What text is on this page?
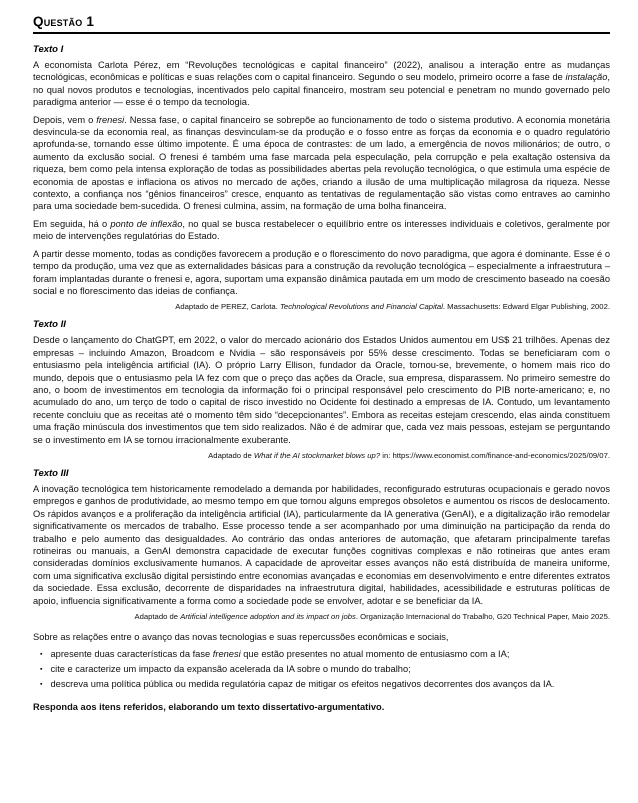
Questão 1
Texto I

A economista Carlota Pérez, em “Revoluções tecnológicas e capital financeiro” (2022), analisou a interação entre as mudanças tecnológicas, econômicas e políticas e suas relações com o capital financeiro. Segundo o seu modelo, primeiro ocorre a fase de instalação, no qual novos produtos e tecnologias, incentivados pelo capital financeiro, mostram seu potencial e penetram no mundo governado pelo paradigma anterior — esse é o tempo da tecnologia.

Depois, vem o frenesi. Nessa fase, o capital financeiro se sobrepõe ao funcionamento de todo o sistema produtivo. A economia monetária desvincula-se da economia real, as finanças desvinculam-se da produção e o fosso entre as forças da economia e o quadro regulatório aprofunda-se, tornando esse último impotente. É uma época de contrastes: de um lado, a emergência de novos milionários; de outro, o aumento da exclusão social. O frenesi é também uma fase marcada pela especulação, pela corrupção e pela exaltação ostensiva da riqueza, bem como pela intensa exploração de todas as possibilidades abertas pela revolução tecnológica, o que estimula uma espécie de economia de apostas e inflaciona os ativos no mercado de ações, criando a ilusão de uma multiplicação milagrosa da riqueza. Nesse contexto, a confiança nos “gênios financeiros” cresce, enquanto as tentativas de regulamentação são vistas como entraves ao caminho para uma sociedade bem-sucedida. O frenesi culmina, assim, na formação de uma bolha financeira.

Em seguida, há o ponto de inflexão, no qual se busca restabelecer o equilíbrio entre os interesses individuais e coletivos, geralmente por meio de intervenções regulatórias do Estado.

A partir desse momento, todas as condições favorecem a produção e o florescimento do novo paradigma, que agora é dominante. Esse é o tempo da produção, uma vez que as externalidades básicas para a construção da revolução tecnológica – especialmente a infraestrutura – foram implantadas durante o frenesi e, agora, suportam uma expansão dinâmica pautada em um modo de crescimento baseado na coesão social e no florescimento das ideias de confiança.

Adaptado de PEREZ, Carlota. Technological Revolutions and Financial Capital. Massachusetts: Edward Elgar Publishing, 2002.

Texto II

Desde o lançamento do ChatGPT, em 2022, o valor do mercado acionário dos Estados Unidos aumentou em US$ 21 trilhões. Apenas dez empresas – incluindo Amazon, Broadcom e Nvidia – são responsáveis por 55% desse crescimento. Todas se beneficiaram com o entusiasmo pela inteligência artificial (IA). O próprio Larry Ellison, fundador da Oracle, tornou-se, brevemente, o homem mais rico do mundo, depois que o entusiasmo pela IA fez com que o preço das ações da Oracle, sua empresa, disparassem. No primeiro semestre do ano, o boom de investimentos em tecnologia da informação foi o principal responsável pelo crescimento do PIB norte-americano; e, no acumulado do ano, um terço de todo o capital de risco investido no Ocidente foi destinado a empresas de IA. Contudo, um levantamento recente concluiu que as receitas até o momento têm sido “decepcionantes”. Embora as receitas estejam crescendo, elas ainda constituem uma fração minúscula dos investimentos que tem sido realizados. Não é de admirar que, cada vez mais pessoas, estejam se perguntando se o investimento em IA se tornou irracionalmente exuberante.

Adaptado de What if the AI stockmarket blows up? in: https://www.economist.com/finance-and-economics/2025/09/07.

Texto III

A inovação tecnológica tem historicamente remodelado a demanda por habilidades, reconfigurado estruturas ocupacionais e gerado novos empregos e ganhos de produtividade, ao mesmo tempo em que tornou alguns empregos obsoletos e aumentou os riscos de deslocamento. Os rápidos avanços e a proliferação da inteligência artificial (IA), particularmente da IA generativa (GenAI), e a digitalização irão remodelar significativamente os mercados de trabalho. Esse processo tende a ser acompanhado por uma diminuição na participação da renda do trabalho e pelo aumento das desigualdades. Ao contrário das ondas anteriores de automação, que afetaram principalmente tarefas rotineiras ou manuais, a GenAI demonstra capacidade de executar funções cognitivas complexas e não rotineiras que antes eram consideradas domínios exclusivamente humanos. A capacidade de aproveitar esses avanços não está distribuída de maneira uniforme, com uma significativa exclusão digital persistindo entre economias avançadas e economias em desenvolvimento e entre diferentes extratos da sociedade. Essa exclusão, decorrente de disparidades na infraestrutura digital, habilidades, acessibilidade e estruturas políticas de apoio, influencia significativamente a forma como a sociedade pode se envolver, adotar e se beneficiar da IA.

Adaptado de Artificial intelligence adoption and its impact on jobs. Organização Internacional do Trabalho, G20 Technical Paper, Maio 2025.

Sobre as relações entre o avanço das novas tecnologias e suas repercussões econômicas e sociais,

▪ apresente duas características da fase frenesi que estão presentes no atual momento de entusiasmo com a IA;
▪ cite e caracterize um impacto da expansão acelerada da IA sobre o mundo do trabalho;
▪ descreva uma política pública ou medida regulatória capaz de mitigar os efeitos negativos decorrentes dos avanços da IA.

Responda aos itens referidos, elaborando um texto dissertativo-argumentativo.
